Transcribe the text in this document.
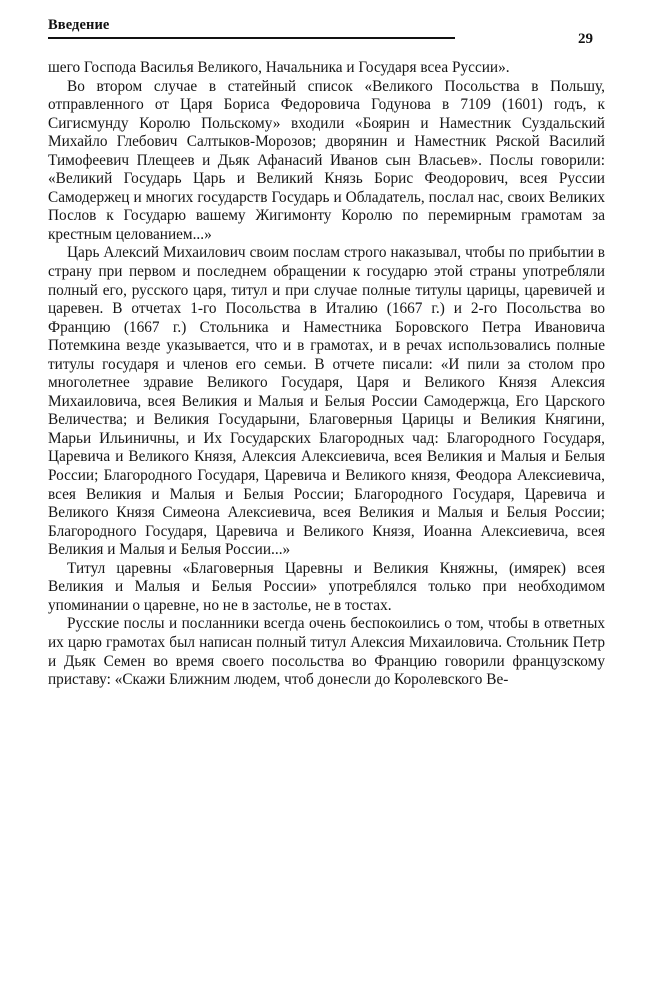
Введение
29

шего Господа Василья Великого, Начальника и Государя всеа Руссии».

Во втором случае в статейный список «Великого Посольства в Польшу, отправленного от Царя Бориса Федоровича Годунова в 7109 (1601) годъ, к Сигисмунду Королю Польскому» входили «Боярин и Наместник Суздальский Михайло Глебович Салтыков-Морозов; дворянин и Наместник Ряской Василий Тимофеевич Плещеев и Дьяк Афанасий Иванов сын Власьев». Послы говорили: «Великий Государь Царь и Великий Князь Борис Феодорович, всея Руссии Самодержец и многих государств Государь и Обладатель, послал нас, своих Великих Послов к Государю вашему Жигимонту Королю по перемирным грамотам за крестным целованием...»

Царь Алексий Михаилович своим послам строго наказывал, чтобы по прибытии в страну при первом и последнем обращении к государю этой страны употребляли полный его, русского царя, титул и при случае полные титулы царицы, царевичей и царевен. В отчетах 1-го Посольства в Италию (1667 г.) и 2-го Посольства во Францию (1667 г.) Стольника и Наместника Боровского Петра Ивановича Потемкина везде указывается, что и в грамотах, и в речах использовались полные титулы государя и членов его семьи. В отчете писали: «И пили за столом про многолетнее здравие Великого Государя, Царя и Великого Князя Алексия Михаиловича, всея Великия и Малыя и Белыя России Самодержца, Его Царского Величества; и Великия Государыни, Благоверныя Царицы и Великия Княгини, Марьи Ильиничны, и Их Государских Благородных чад: Благородного Государя, Царевича и Великого Князя, Алексия Алексиевича, всея Великия и Малыя и Белыя России; Благородного Государя, Царевича и Великого князя, Феодора Алексиевича, всея Великия и Малыя и Белыя России; Благородного Государя, Царевича и Великого Князя Симеона Алексиевича, всея Великия и Малыя и Белыя России; Благородного Государя, Царевича и Великого Князя, Иоанна Алексиевича, всея Великия и Малыя и Белыя России...»

Титул царевны «Благоверныя Царевны и Великия Княжны, (имярек) всея Великия и Малыя и Белыя России» употреблялся только при необходимом упоминании о царевне, но не в застолье, не в тостах.

Русские послы и посланники всегда очень беспокоились о том, чтобы в ответных их царю грамотах был написан полный титул Алексия Михаиловича. Стольник Петр и Дьяк Семен во время своего посольства во Францию говорили французскому приставу: «Скажи Ближним людем, чтоб донесли до Королевского Ве-
